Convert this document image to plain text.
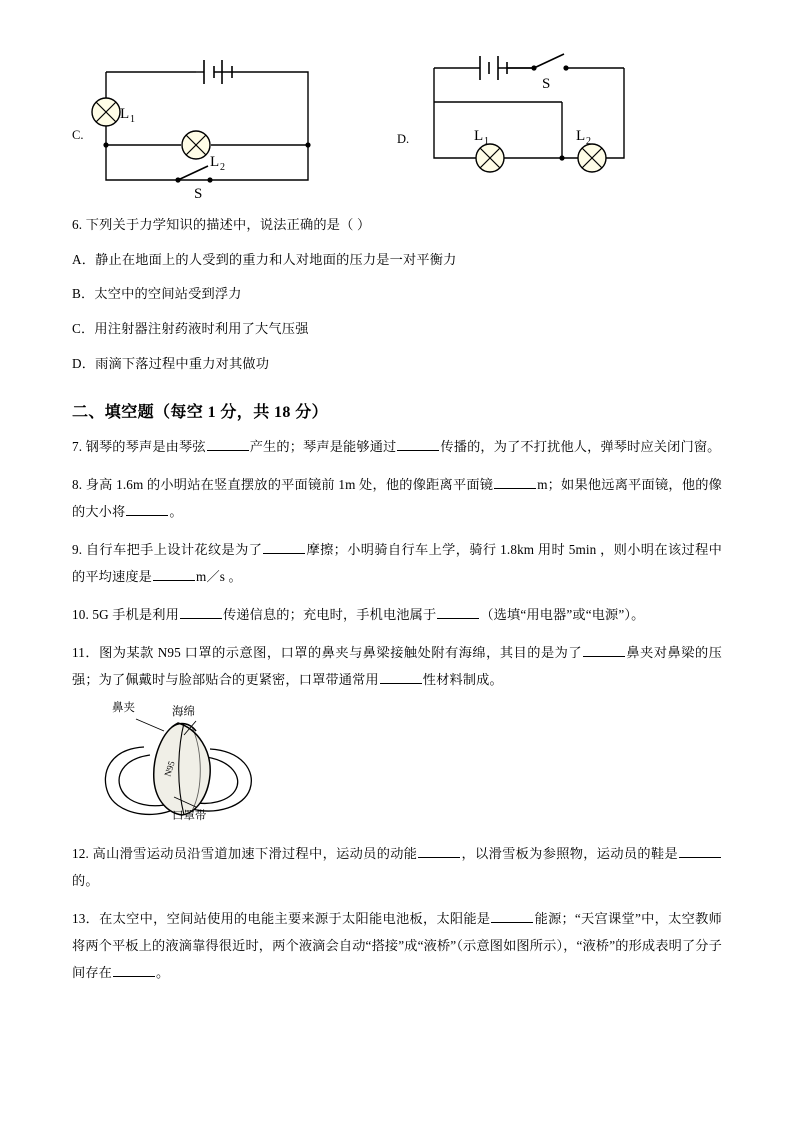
C.
L 1
L 2
S
D.
S
L 1	L 2
6. 下列关于力学知识的描述中，说法正确的是（ ）
A．静止在地面上的人受到的重力和人对地面的压力是一对平衡力
B．太空中的空间站受到浮力
C．用注射器注射药液时利用了大气压强
D．雨滴下落过程中重力对其做功
二、填空题（每空 1 分，共 18 分）
7. 钢琴的琴声是由琴弦	产生的；琴声是能够通过	传播的，为了不打扰他人，弹琴时应关闭门窗。
8. 身高 1.6m 的小明站在竖直摆放的平面镜前 1m 处，他的像距离平面镜	m；如果他远离平面镜，他的像的大小将	。
9. 自行车把手上设计花纹是为了	摩擦；小明骑自行车上学，骑行 1.8km 用时 5min ，则小明在该过程中的平均速度是	m／s 。
10. 5G 手机是利用	传递信息的；充电时，手机电池属于	（选填“用电器”或“电源”）。
11．图为某款 N95 口罩的示意图，口罩的鼻夹与鼻梁接触处附有海绵，其目的是为了	鼻夹对鼻梁的压强；为了佩戴时与脸部贴合的更紧密，口罩带通常用	性材料制成。
N95
鼻夹	海绵
口罩带
12. 高山滑雪运动员沿雪道加速下滑过程中，运动员的动能	，以滑雪板为参照物，运动员的鞋是的。
13．在太空中，空间站使用的电能主要来源于太阳能电池板，太阳能是	能源；“天宫课堂”中，太空教师将两个平板上的液滴靠得很近时，两个液滴会自动“搭接”成“液桥”（示意图如图所示），“液桥”的形成表明了分子间存在	。
